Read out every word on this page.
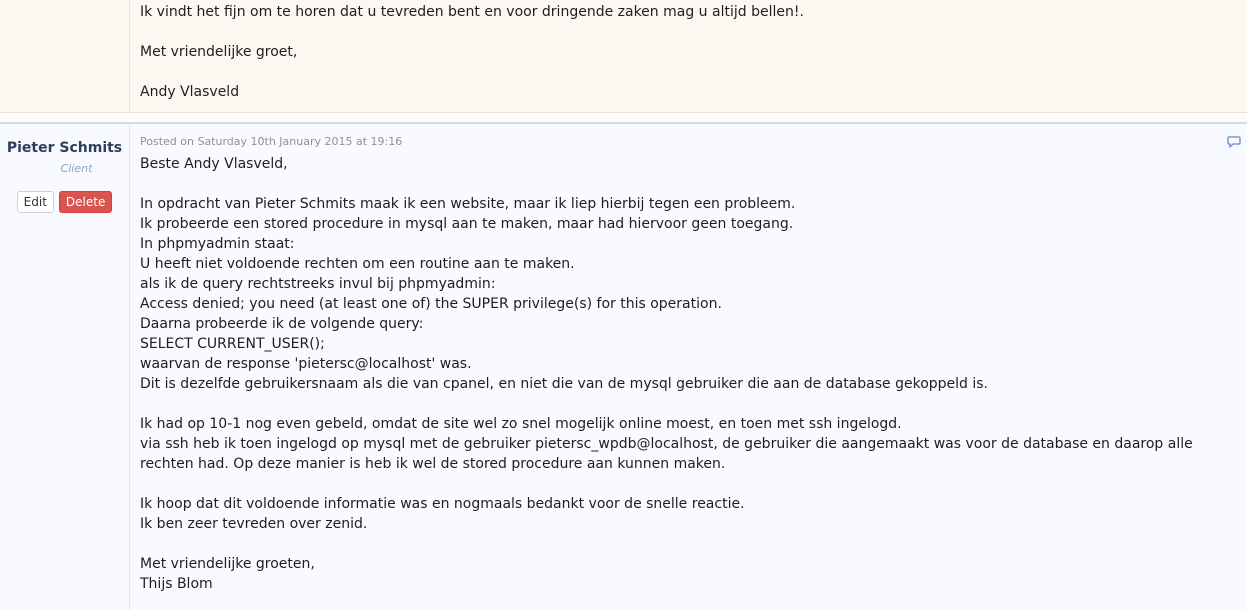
Ik vindt het fijn om te horen dat u tevreden bent en voor dringende zaken mag u altijd bellen!.

Met vriendelijke groet,

Andy Vlasveld
Pieter Schmits
Client
Edit	Delete
Posted on Saturday 10th January 2015 at 19:16
Beste Andy Vlasveld,

In opdracht van Pieter Schmits maak ik een website, maar ik liep hierbij tegen een probleem.
Ik probeerde een stored procedure in mysql aan te maken, maar had hiervoor geen toegang.
In phpmyadmin staat:
U heeft niet voldoende rechten om een routine aan te maken.
als ik de query rechtstreeks invul bij phpmyadmin:
Access denied; you need (at least one of) the SUPER privilege(s) for this operation.
Daarna probeerde ik de volgende query:
SELECT CURRENT_USER();
waarvan de response 'pietersc@localhost' was.
Dit is dezelfde gebruikersnaam als die van cpanel, en niet die van de mysql gebruiker die aan de database gekoppeld is.

Ik had op 10-1 nog even gebeld, omdat de site wel zo snel mogelijk online moest, en toen met ssh ingelogd.
via ssh heb ik toen ingelogd op mysql met de gebruiker pietersc_wpdb@localhost, de gebruiker die aangemaakt was voor de database en daarop alle rechten had. Op deze manier is heb ik wel de stored procedure aan kunnen maken.

Ik hoop dat dit voldoende informatie was en nogmaals bedankt voor de snelle reactie.
Ik ben zeer tevreden over zenid.

Met vriendelijke groeten,
Thijs Blom
